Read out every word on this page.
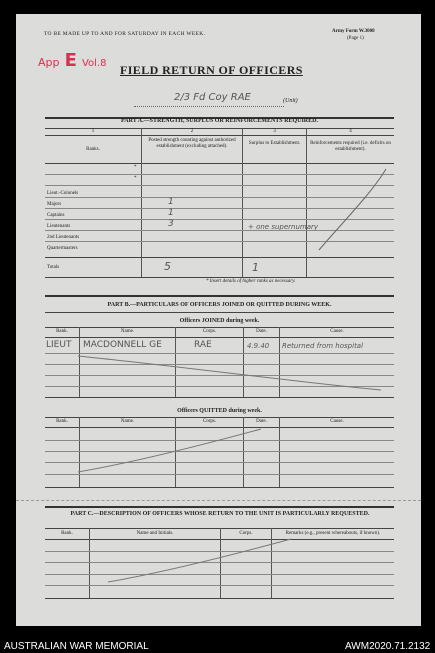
TO BE MADE UP TO AND FOR SATURDAY IN EACH WEEK.	Army Form W.3008
(Page 1)
App E Vol.8 FIELD RETURN OF OFFICERS
2/3 Fd Coy RAE	(Unit)
PART A.—STRENGTH, SURPLUS OR REINFORCEMENTS REQUIRED.
1	2	3	4
Ranks.
Posted strength counting against authorized establishment (excluding attached).
Surplus to Establishment.	Reinforcements required (i.e. deficits on establishment).
*
*
Lieut.-Colonels
Majors	1
Captains	1
Lieutenants	3	+ one supernumary
2nd Lieutenants
Quartermasters
Totals	5	1
* Insert details of higher ranks as necessary.
PART B.—PARTICULARS OF OFFICERS JOINED OR QUITTED DURING WEEK.
Officers JOINED during week.
Rank.	Name.	Corps.	Date.	Cause.
LIEUT MACDONNELL GE	RAE	4.9.40 Returned from hospital
Officers QUITTED during week.
Rank.	Name.	Corps.	Date.	Cause.
PART C.—DESCRIPTION OF OFFICERS WHOSE RETURN TO THE UNIT IS PARTICULARLY REQUESTED.
Rank.	Name and Initials.	Corps.	Remarks (e.g., present whereabouts, if known).
AUSTRALIAN WAR MEMORIAL	AWM2020.71.2132
